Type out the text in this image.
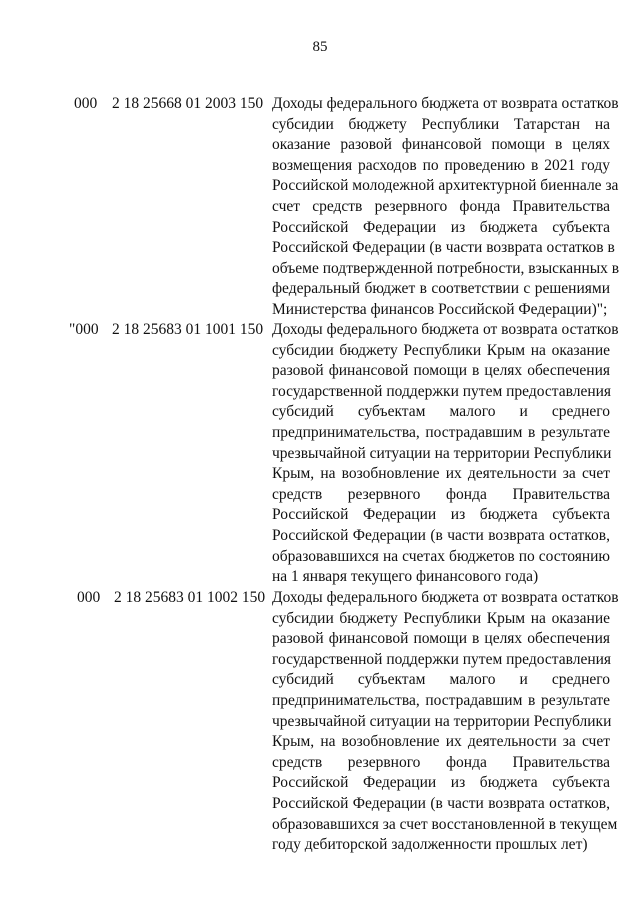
85
000 2 18 25668 01 2003 150 Доходы федерального бюджета от возврата остатков
субсидии бюджету Республики Татарстан на
оказание разовой финансовой помощи в целях
возмещения расходов по проведению в 2021 году
Российской молодежной архитектурной биеннале за
счет средств резервного фонда Правительства
Российской Федерации из бюджета субъекта
Российской Федерации (в части возврата остатков в
объеме подтвержденной потребности, взысканных в
федеральный бюджет в соответствии с решениями
Министерства финансов Российской Федерации)";
"000 2 18 25683 01 1001 150 Доходы федерального бюджета от возврата остатков
субсидии бюджету Республики Крым на оказание
разовой финансовой помощи в целях обеспечения
государственной поддержки путем предоставления
субсидий субъектам малого и среднего
предпринимательства, пострадавшим в результате
чрезвычайной ситуации на территории Республики
Крым, на возобновление их деятельности за счет
средств резервного фонда Правительства
Российской Федерации из бюджета субъекта
Российской Федерации (в части возврата остатков,
образовавшихся на счетах бюджетов по состоянию
на 1 января текущего финансового года)
000 2 18 25683 01 1002 150 Доходы федерального бюджета от возврата остатков
субсидии бюджету Республики Крым на оказание
разовой финансовой помощи в целях обеспечения
государственной поддержки путем предоставления
субсидий субъектам малого и среднего
предпринимательства, пострадавшим в результате
чрезвычайной ситуации на территории Республики
Крым, на возобновление их деятельности за счет
средств резервного фонда Правительства
Российской Федерации из бюджета субъекта
Российской Федерации (в части возврата остатков,
образовавшихся за счет восстановленной в текущем
году дебиторской задолженности прошлых лет)
